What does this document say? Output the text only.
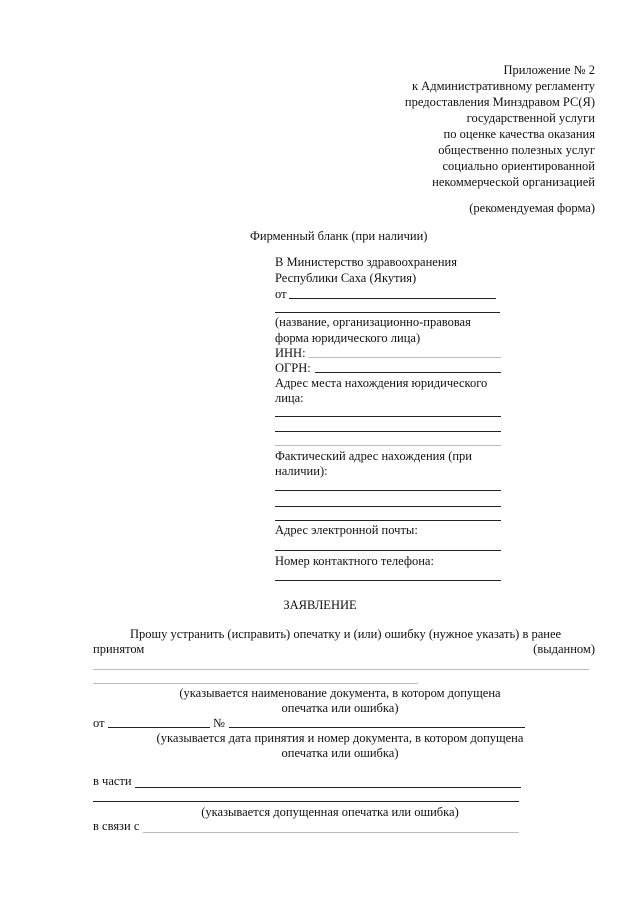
Приложение № 2
к Административному регламенту
предоставления Минздравом РС(Я)
государственной услуги
по оценке качества оказания
общественно полезных услуг
социально ориентированной
некоммерческой организацией
(рекомендуемая форма)
Фирменный бланк (при наличии)
В Министерство здравоохранения
Республики Саха (Якутия)
от
(название, организационно-правовая
форма юридического лица)
ИНН:
ОГРН:
Адрес места нахождения юридического
лица:
Фактический адрес нахождения (при
наличии):
Адрес электронной почты:
Номер контактного телефона:
ЗАЯВЛЕНИЕ
Прошу устранить (исправить) опечатку и (или) ошибку (нужное указать) в ранее
принятом	(выданном)
(указывается наименование документа, в котором допущена
опечатка или ошибка)
от	№
(указывается дата принятия и номер документа, в котором допущена
опечатка или ошибка)
в части
(указывается допущенная опечатка или ошибка)
в связи с
